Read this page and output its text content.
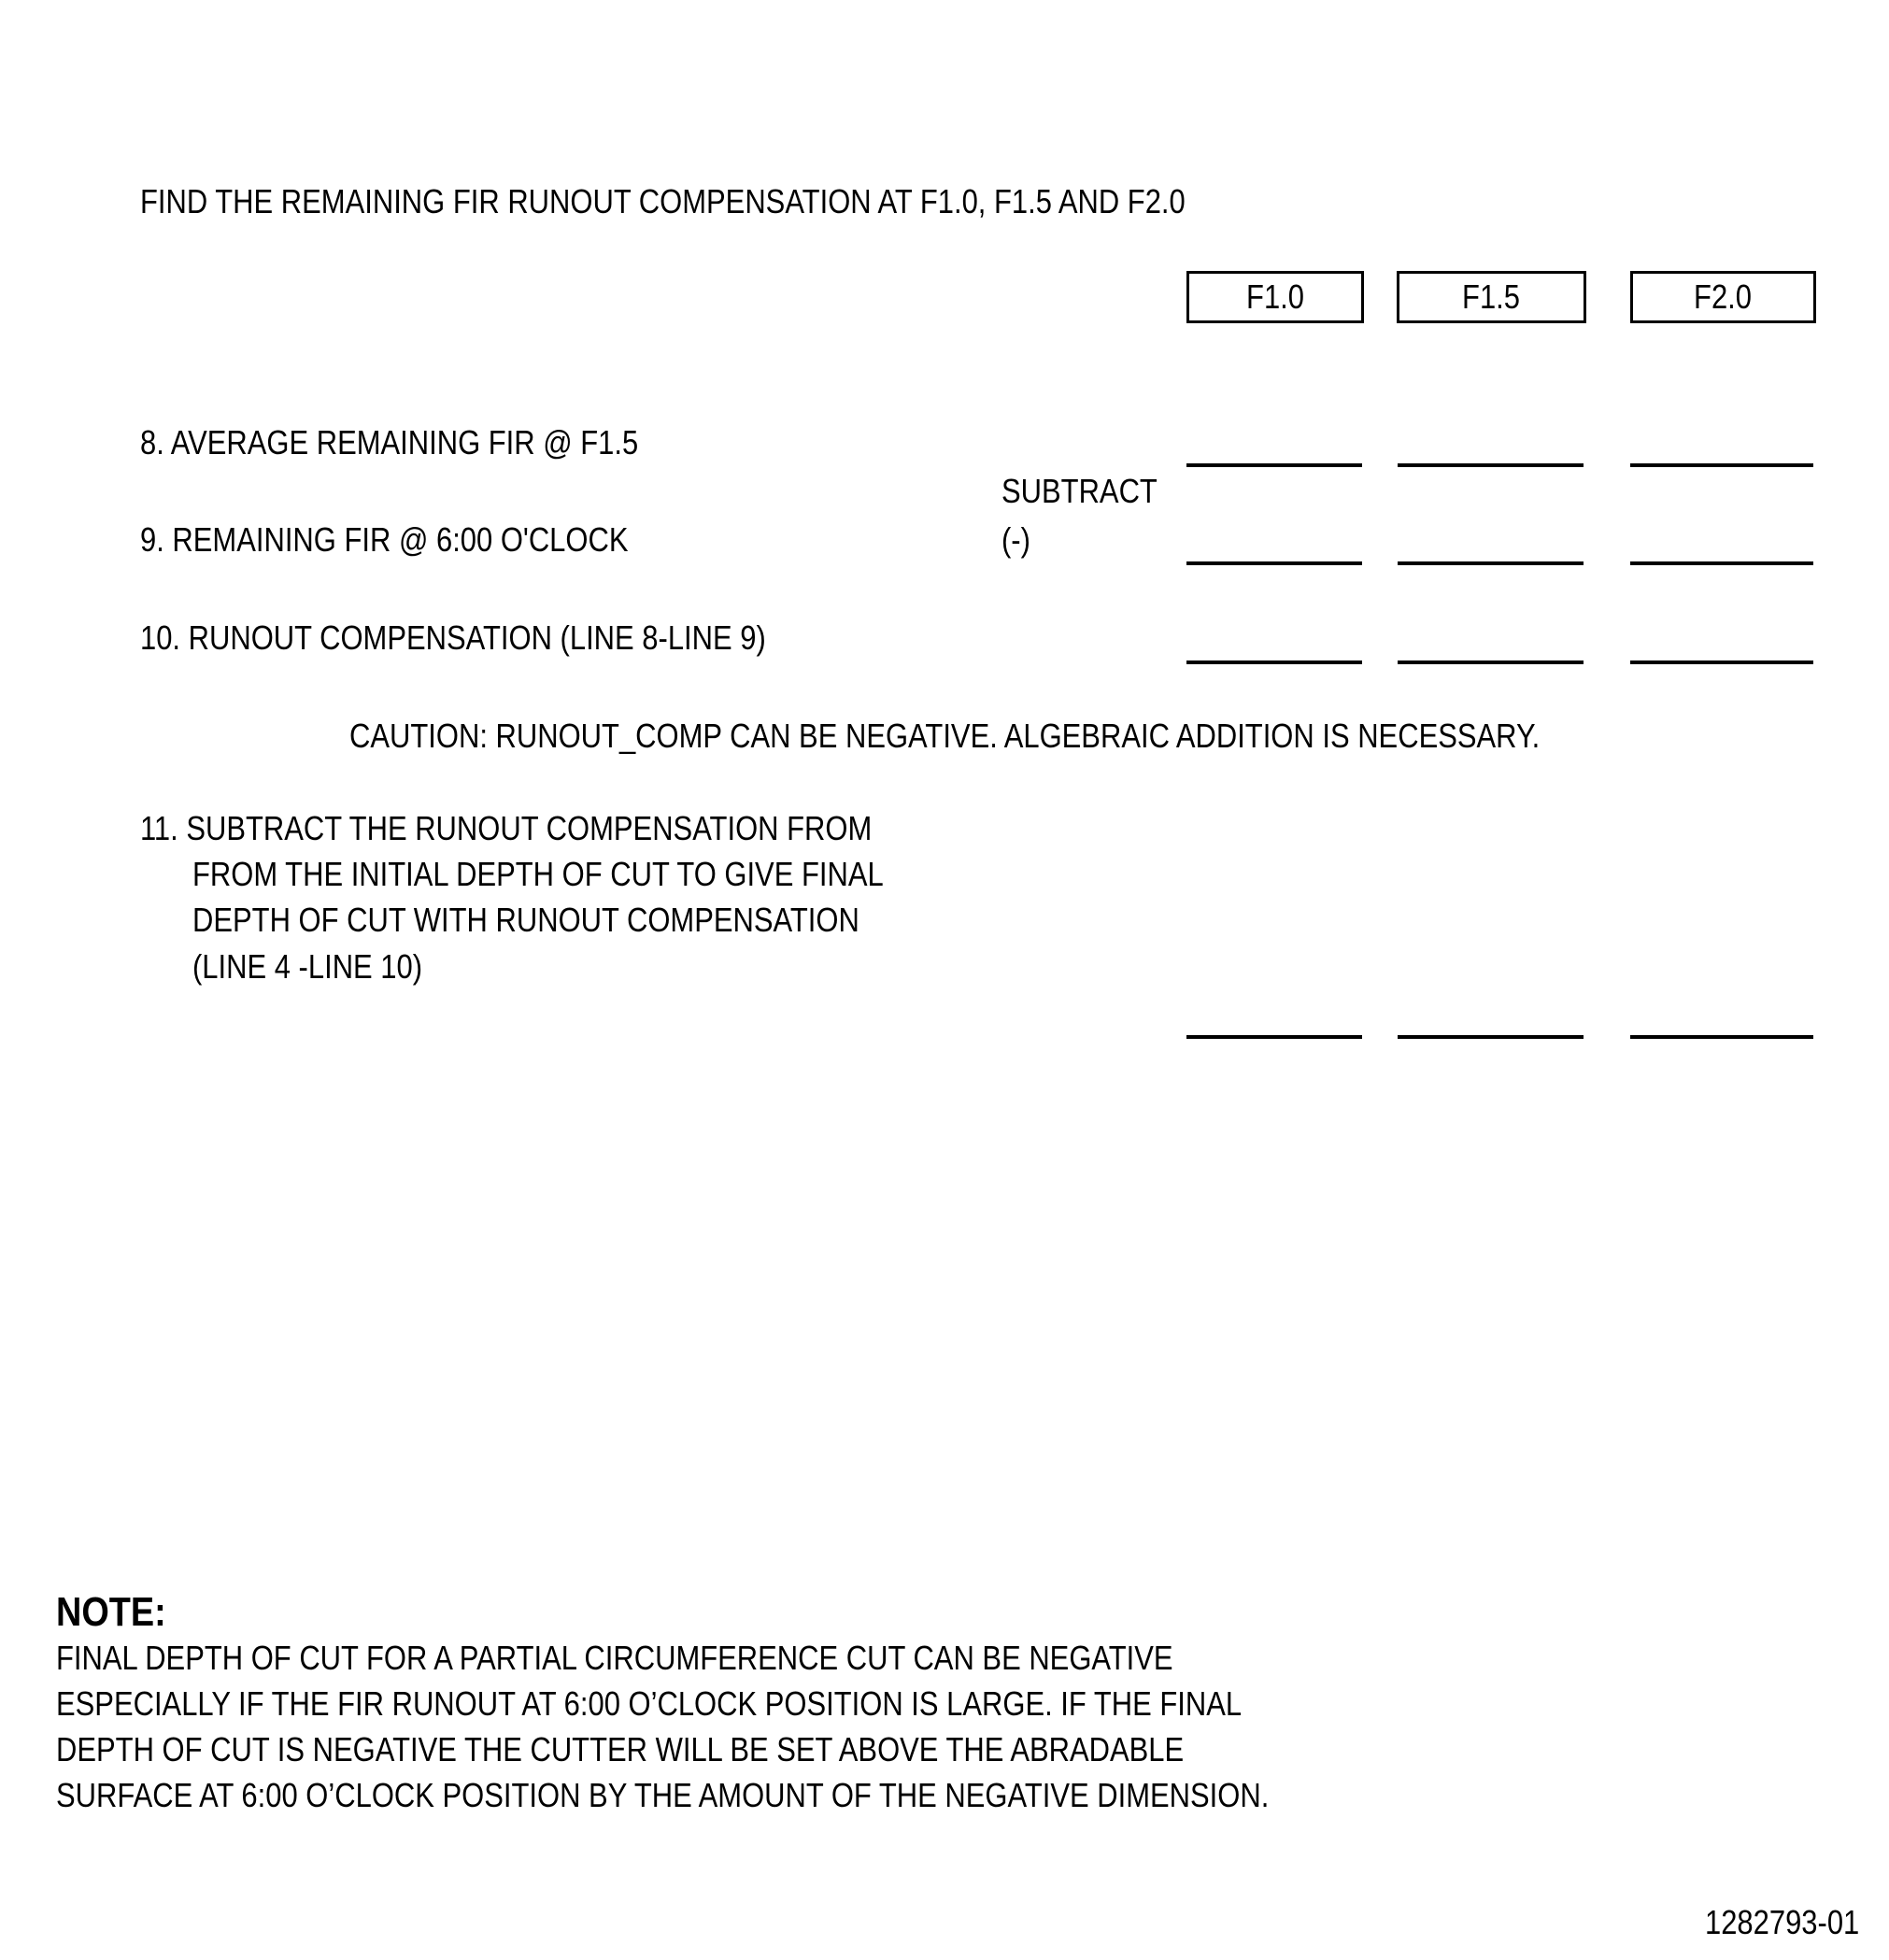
FIND THE REMAINING FIR RUNOUT COMPENSATION AT F1.0, F1.5 AND F2.0
F1.0	F1.5	F2.0
8. AVERAGE REMAINING FIR @ F1.5
SUBTRACT
(-)
9. REMAINING FIR @ 6:00 O'CLOCK
10. RUNOUT COMPENSATION (LINE 8-LINE 9)
CAUTION: RUNOUT_COMP CAN BE NEGATIVE. ALGEBRAIC ADDITION IS NECESSARY.
11. SUBTRACT THE RUNOUT COMPENSATION FROM
FROM THE INITIAL DEPTH OF CUT TO GIVE FINAL
DEPTH OF CUT WITH RUNOUT COMPENSATION
(LINE 4 -LINE 10)
NOTE:
FINAL DEPTH OF CUT FOR A PARTIAL CIRCUMFERENCE CUT CAN BE NEGATIVE
ESPECIALLY IF THE FIR RUNOUT AT 6:00 O’CLOCK POSITION IS LARGE. IF THE FINAL
DEPTH OF CUT IS NEGATIVE THE CUTTER WILL BE SET ABOVE THE ABRADABLE
SURFACE AT 6:00 O’CLOCK POSITION BY THE AMOUNT OF THE NEGATIVE DIMENSION.
1282793-01
